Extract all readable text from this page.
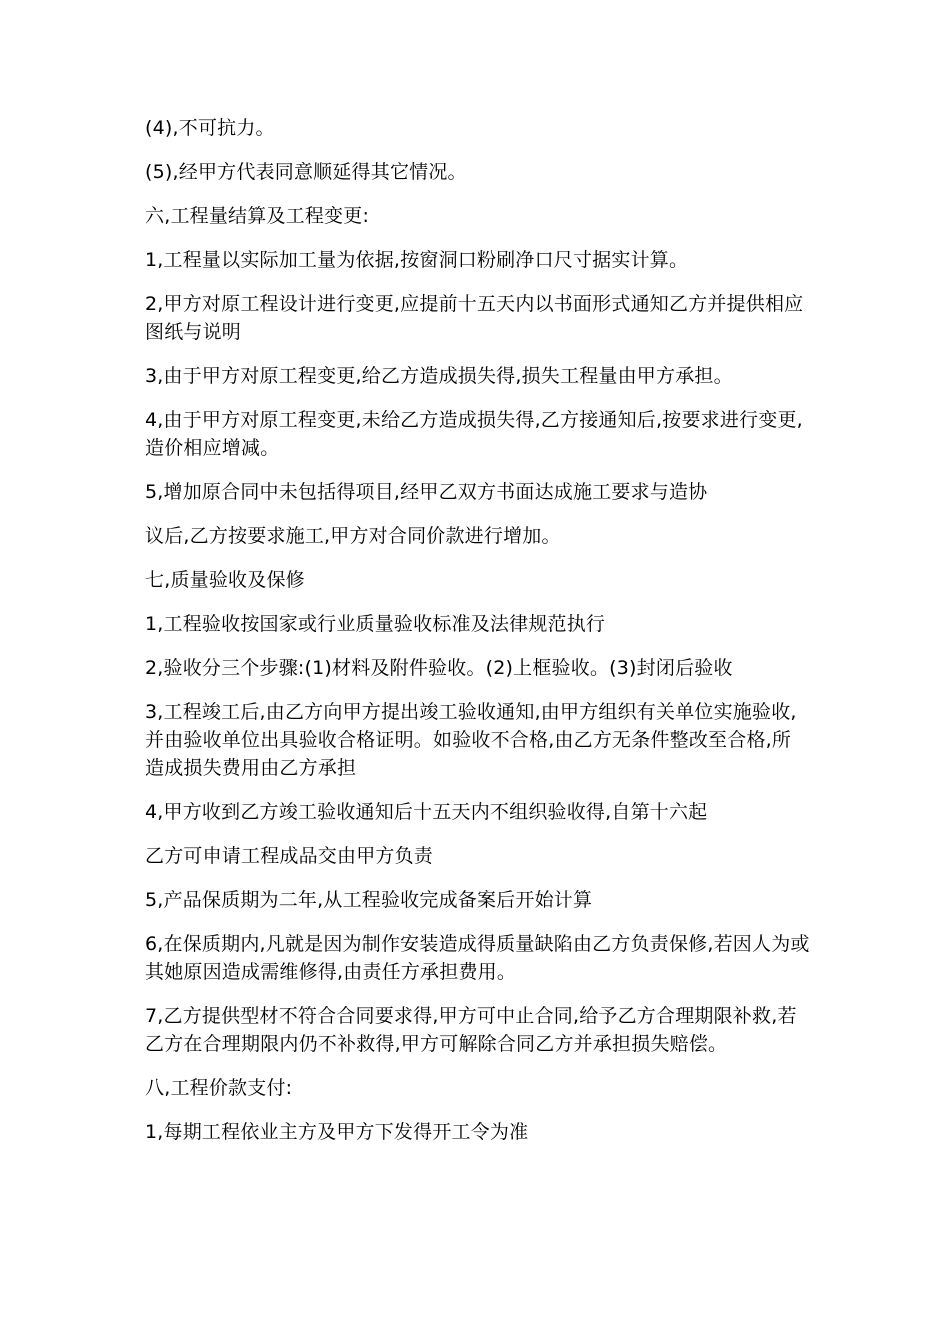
(4),不可抗力。

(5),经甲方代表同意顺延得其它情况。

六,工程量结算及工程变更:

1,工程量以实际加工量为依据,按窗洞口粉刷净口尺寸据实计算。

2,甲方对原工程设计进行变更,应提前十五天内以书面形式通知乙方并提供相应图纸与说明

3,由于甲方对原工程变更,给乙方造成损失得,损失工程量由甲方承担。

4,由于甲方对原工程变更,未给乙方造成损失得,乙方接通知后,按要求进行变更,造价相应增减。

5,增加原合同中未包括得项目,经甲乙双方书面达成施工要求与造协

议后,乙方按要求施工,甲方对合同价款进行增加。

七,质量验收及保修

1,工程验收按国家或行业质量验收标准及法律规范执行

2,验收分三个步骤:(1)材料及附件验收。(2)上框验收。(3)封闭后验收

3,工程竣工后,由乙方向甲方提出竣工验收通知,由甲方组织有关单位实施验收,并由验收单位出具验收合格证明。如验收不合格,由乙方无条件整改至合格,所造成损失费用由乙方承担

4,甲方收到乙方竣工验收通知后十五天内不组织验收得,自第十六起

乙方可申请工程成品交由甲方负责

5,产品保质期为二年,从工程验收完成备案后开始计算

6,在保质期内,凡就是因为制作安装造成得质量缺陷由乙方负责保修,若因人为或其她原因造成需维修得,由责任方承担费用。

7,乙方提供型材不符合合同要求得,甲方可中止合同,给予乙方合理期限补救,若乙方在合理期限内仍不补救得,甲方可解除合同乙方并承担损失赔偿。

八,工程价款支付:

1,每期工程依业主方及甲方下发得开工令为准
